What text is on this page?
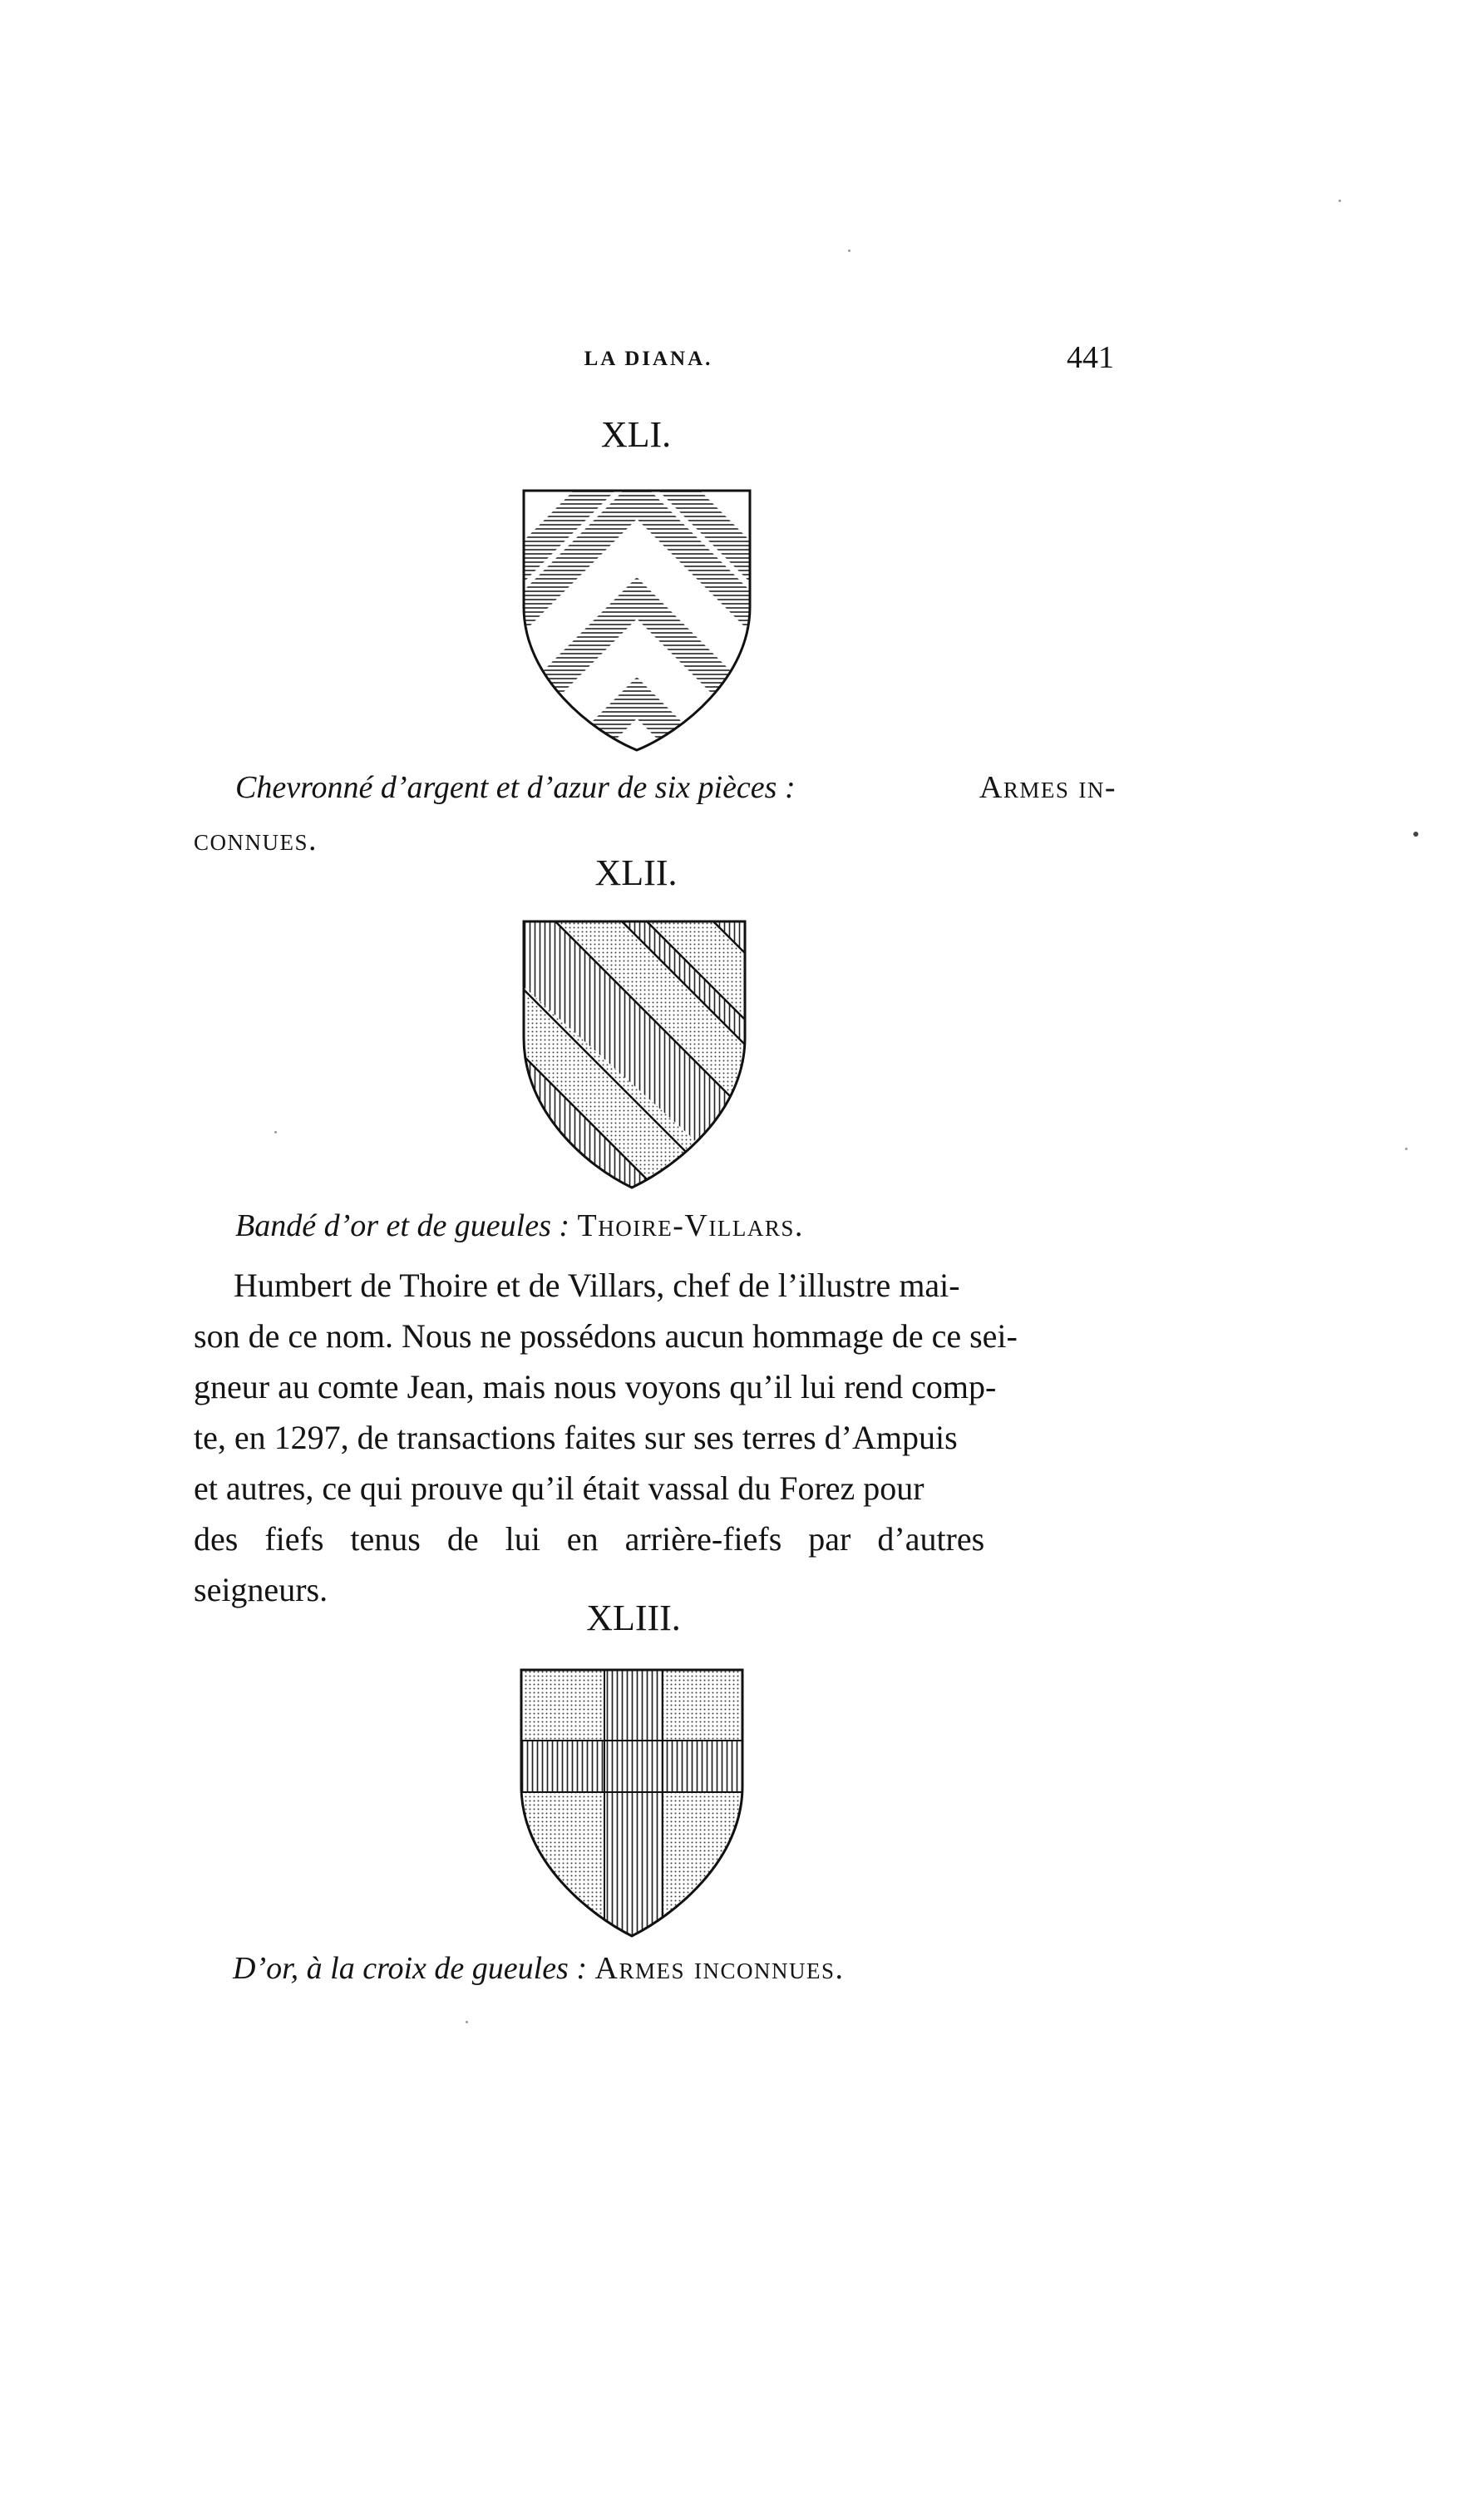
LA DIANA.	441
XLI.
Chevronné d’argent et d’azur de six pièces :	Armes in-
connues.
XLII.
Bandé d’or et de gueules : Thoire-Villars.
Humbert de Thoire et de Villars, chef de l’illustre mai-
son de ce nom. Nous ne possédons aucun hommage de ce sei-
gneur au comte Jean, mais nous voyons qu’il lui rend comp-
te, en 1297, de transactions faites sur ses terres d’Ampuis
et autres, ce qui prouve qu’il était vassal du Forez pour
des fiefs tenus de lui en arrière-fiefs par d’autres
seigneurs.
XLIII.
D’or, à la croix de gueules : Armes inconnues.
